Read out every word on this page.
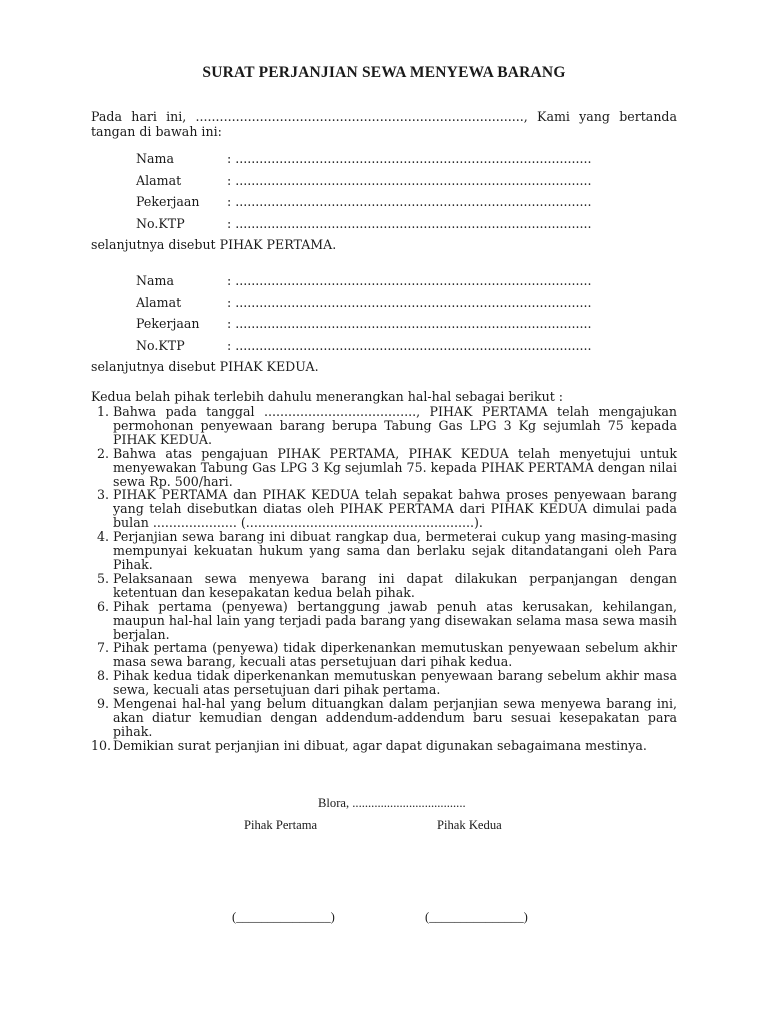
SURAT PERJANJIAN SEWA MENYEWA BARANG
Pada hari ini, .................................................................................., Kami yang bertanda tangan di bawah ini:
Nama	: .........................................................................................
Alamat	: .........................................................................................
Pekerjaan : .........................................................................................
No.KTP	: .........................................................................................
selanjutnya disebut PIHAK PERTAMA.
Nama	: .........................................................................................
Alamat	: .........................................................................................
Pekerjaan : .........................................................................................
No.KTP	: .........................................................................................
selanjutnya disebut PIHAK KEDUA.
Kedua belah pihak terlebih dahulu menerangkan hal-hal sebagai berikut :
1. Bahwa pada tanggal ......................................, PIHAK PERTAMA telah mengajukan permohonan penyewaan barang berupa Tabung Gas LPG 3 Kg sejumlah 75 kepada PIHAK KEDUA.
2. Bahwa atas pengajuan PIHAK PERTAMA, PIHAK KEDUA telah menyetujui untuk menyewakan Tabung Gas LPG 3 Kg sejumlah 75. kepada PIHAK PERTAMA dengan nilai sewa Rp. 500/hari.
3. PIHAK PERTAMA dan PIHAK KEDUA telah sepakat bahwa proses penyewaan barang yang telah disebutkan diatas oleh PIHAK PERTAMA dari PIHAK KEDUA dimulai pada bulan ..................... (.........................................................).
4. Perjanjian sewa barang ini dibuat rangkap dua, bermeterai cukup yang masing-masing mempunyai kekuatan hukum yang sama dan berlaku sejak ditandatangani oleh Para Pihak.
5. Pelaksanaan sewa menyewa barang ini dapat dilakukan perpanjangan dengan ketentuan dan kesepakatan kedua belah pihak.
6. Pihak pertama (penyewa) bertanggung jawab penuh atas kerusakan, kehilangan, maupun hal-hal lain yang terjadi pada barang yang disewakan selama masa sewa masih berjalan.
7. Pihak pertama (penyewa) tidak diperkenankan memutuskan penyewaan sebelum akhir masa sewa barang, kecuali atas persetujuan dari pihak kedua.
8. Pihak kedua tidak diperkenankan memutuskan penyewaan barang sebelum akhir masa sewa, kecuali atas persetujuan dari pihak pertama.
9. Mengenai hal-hal yang belum dituangkan dalam perjanjian sewa menyewa barang ini, akan diatur kemudian dengan addendum-addendum baru sesuai kesepakatan para pihak.
10. Demikian surat perjanjian ini dibuat, agar dapat digunakan sebagaimana mestinya.
Blora, ....................................
Pihak Pertama	Pihak Kedua
(_______________)	(_______________)
